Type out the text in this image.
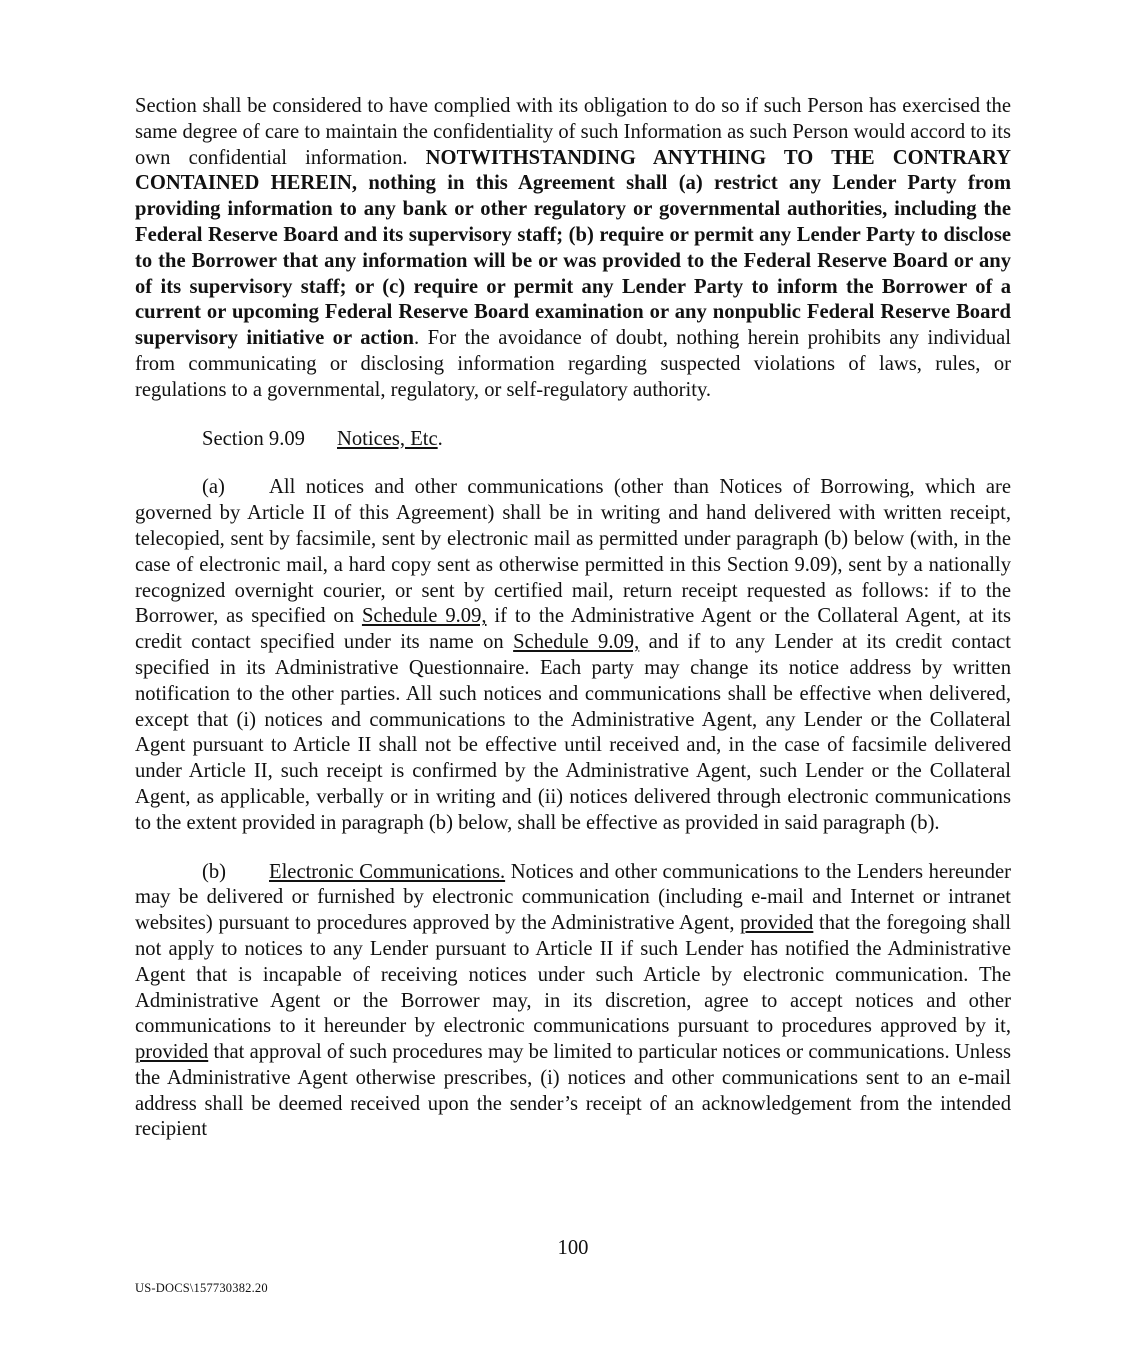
Section shall be considered to have complied with its obligation to do so if such Person has exercised the same degree of care to maintain the confidentiality of such Information as such Person would accord to its own confidential information. NOTWITHSTANDING ANYTHING TO THE CONTRARY CONTAINED HEREIN, nothing in this Agreement shall (a) restrict any Lender Party from providing information to any bank or other regulatory or governmental authorities, including the Federal Reserve Board and its supervisory staff; (b) require or permit any Lender Party to disclose to the Borrower that any information will be or was provided to the Federal Reserve Board or any of its supervisory staff; or (c) require or permit any Lender Party to inform the Borrower of a current or upcoming Federal Reserve Board examination or any nonpublic Federal Reserve Board supervisory initiative or action. For the avoidance of doubt, nothing herein prohibits any individual from communicating or disclosing information regarding suspected violations of laws, rules, or regulations to a governmental, regulatory, or self-regulatory authority.

Section 9.09 Notices, Etc.

(a) All notices and other communications (other than Notices of Borrowing, which are governed by Article II of this Agreement) shall be in writing and hand delivered with written receipt, telecopied, sent by facsimile, sent by electronic mail as permitted under paragraph (b) below (with, in the case of electronic mail, a hard copy sent as otherwise permitted in this Section 9.09), sent by a nationally recognized overnight courier, or sent by certified mail, return receipt requested as follows: if to the Borrower, as specified on Schedule 9.09, if to the Administrative Agent or the Collateral Agent, at its credit contact specified under its name on Schedule 9.09, and if to any Lender at its credit contact specified in its Administrative Questionnaire. Each party may change its notice address by written notification to the other parties. All such notices and communications shall be effective when delivered, except that (i) notices and communications to the Administrative Agent, any Lender or the Collateral Agent pursuant to Article II shall not be effective until received and, in the case of facsimile delivered under Article II, such receipt is confirmed by the Administrative Agent, such Lender or the Collateral Agent, as applicable, verbally or in writing and (ii) notices delivered through electronic communications to the extent provided in paragraph (b) below, shall be effective as provided in said paragraph (b).

(b) Electronic Communications. Notices and other communications to the Lenders hereunder may be delivered or furnished by electronic communication (including e-mail and Internet or intranet websites) pursuant to procedures approved by the Administrative Agent, provided that the foregoing shall not apply to notices to any Lender pursuant to Article II if such Lender has notified the Administrative Agent that is incapable of receiving notices under such Article by electronic communication. The Administrative Agent or the Borrower may, in its discretion, agree to accept notices and other communications to it hereunder by electronic communications pursuant to procedures approved by it, provided that approval of such procedures may be limited to particular notices or communications. Unless the Administrative Agent otherwise prescribes, (i) notices and other communications sent to an e-mail address shall be deemed received upon the sender’s receipt of an acknowledgement from the intended recipient

100
US-DOCS\157730382.20
